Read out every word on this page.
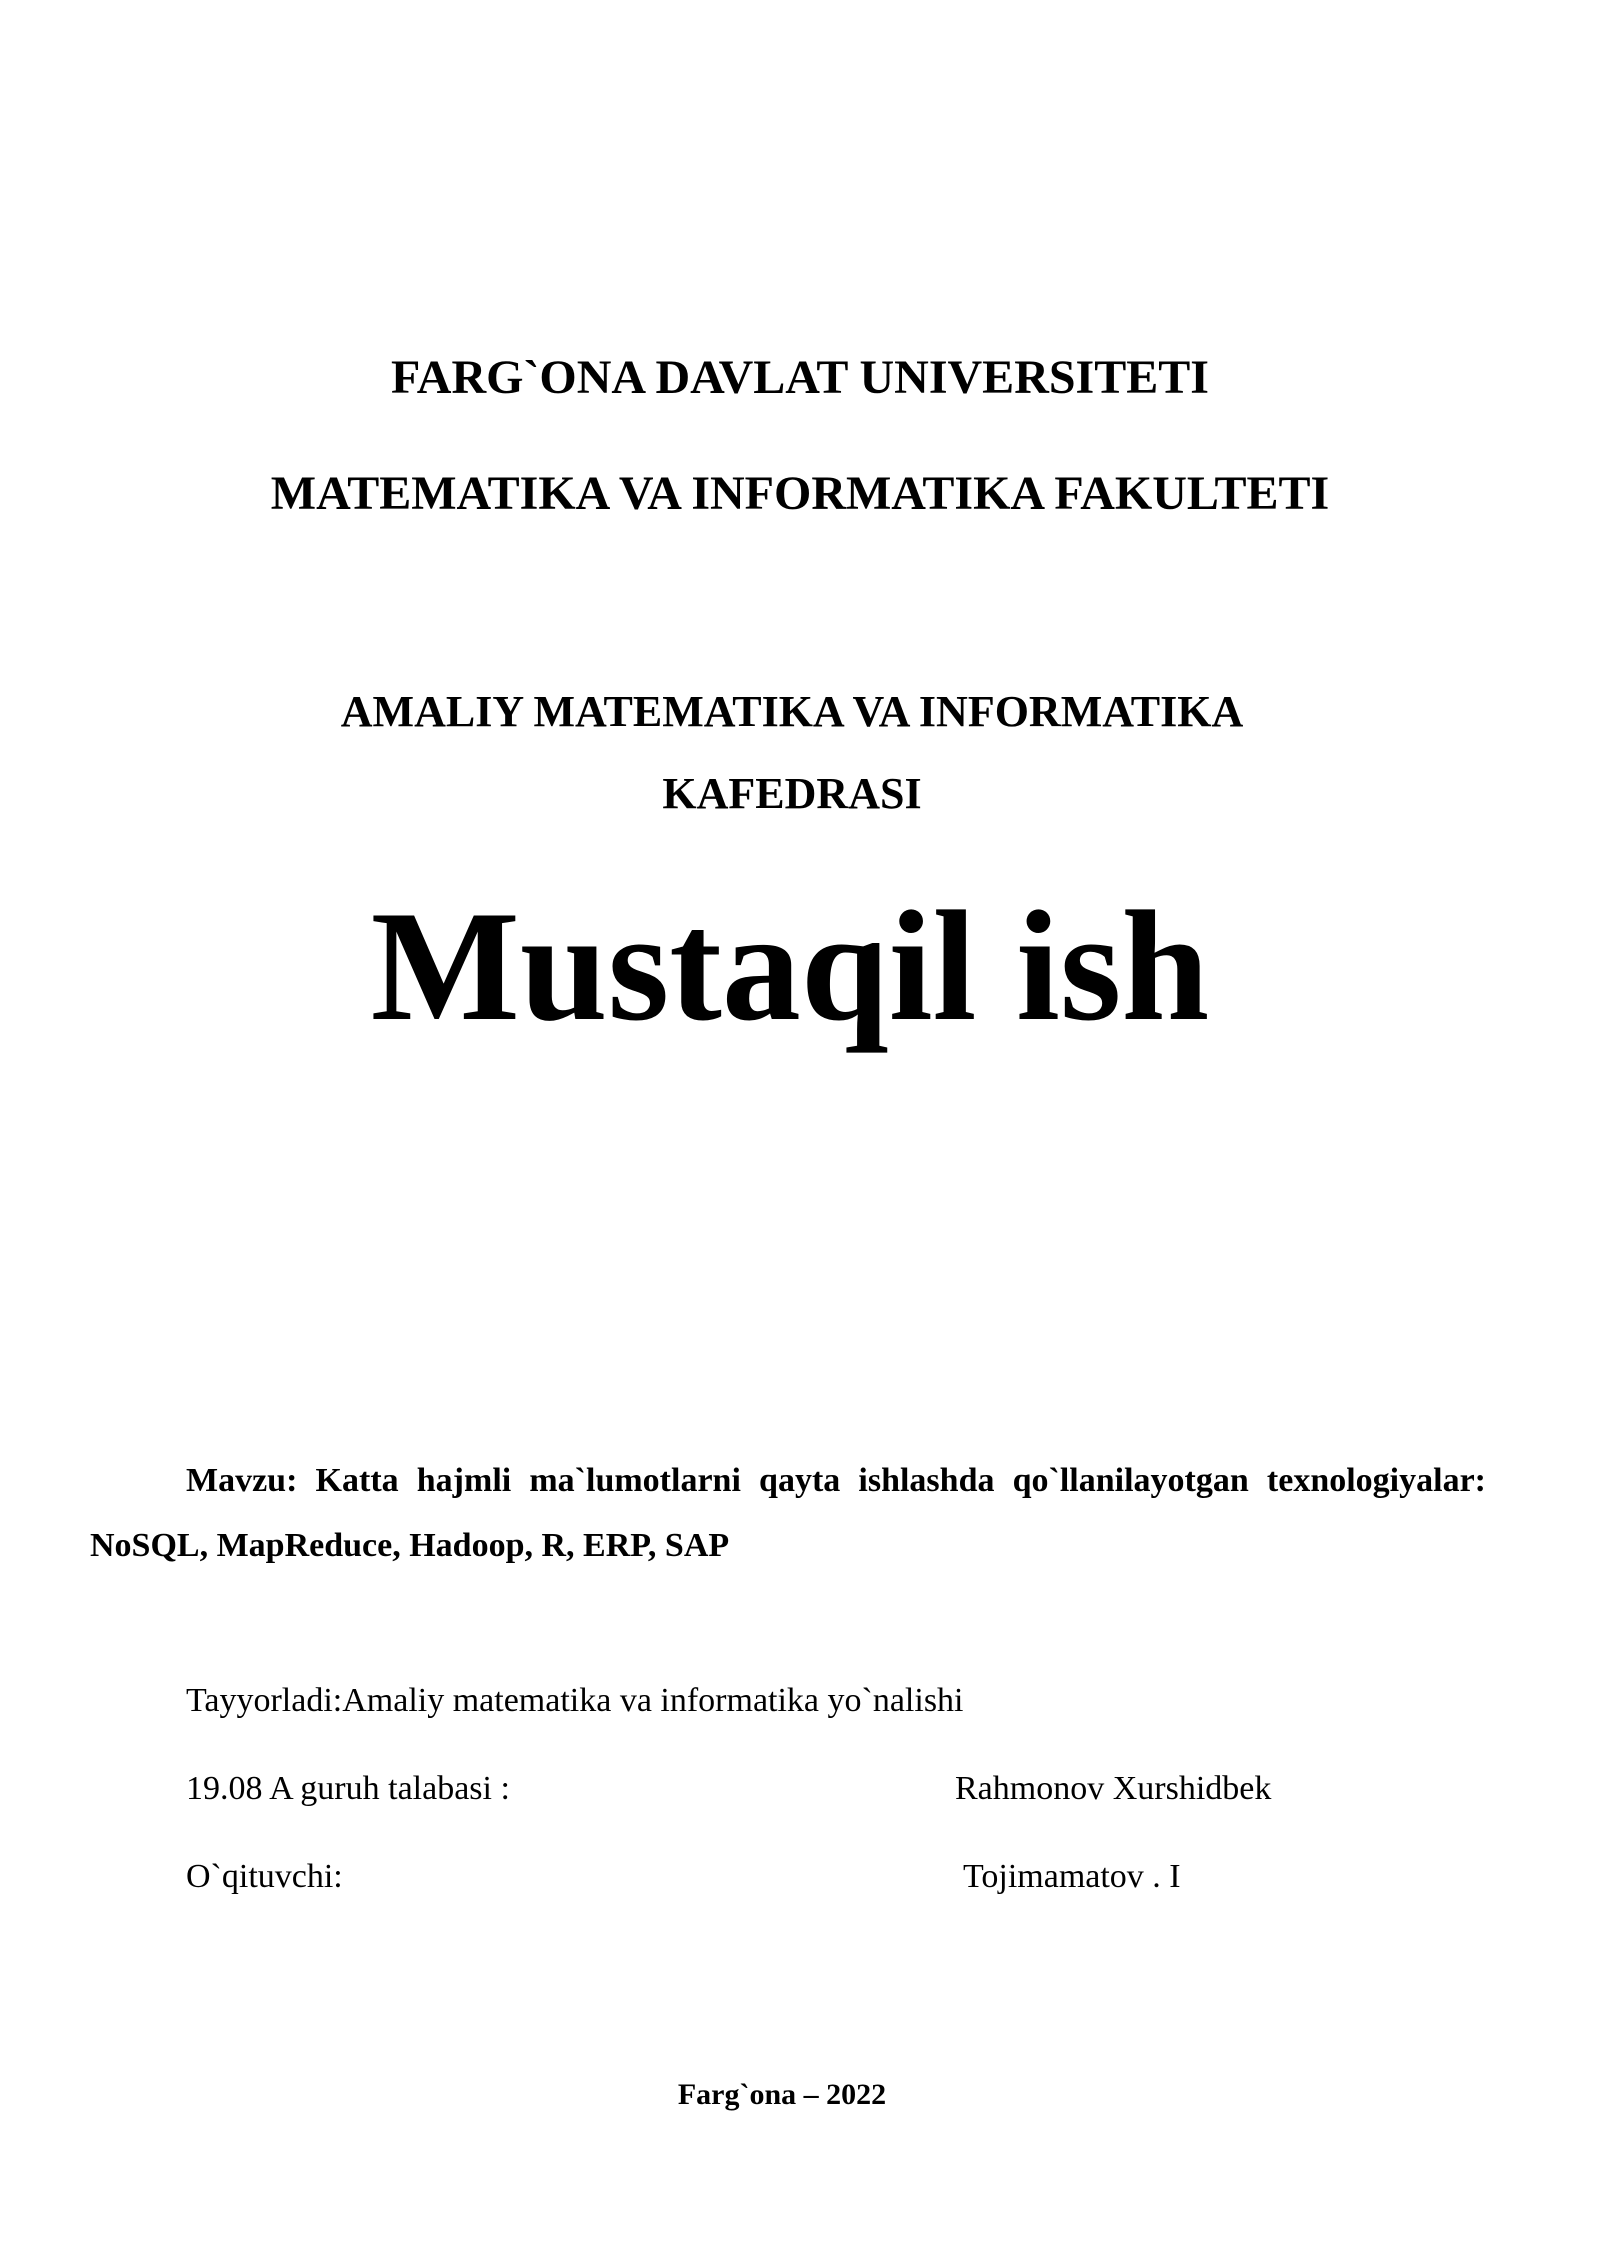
FARG`ONA DAVLAT UNIVERSITETI
MATEMATIKA VA INFORMATIKA FAKULTETI
AMALIY MATEMATIKA VA INFORMATIKA
KAFEDRASI
Mustaqil ish
Mavzu: Katta hajmli ma`lumotlarni qayta ishlashda qo`llanilayotgan texnologiyalar: NoSQL, MapReduce, Hadoop, R, ERP, SAP
Tayyorladi:Amaliy matematika va informatika yo`nalishi
19.08 A guruh talabasi :	Rahmonov Xurshidbek
O`qituvchi:	Tojimamatov . I
Farg`ona – 2022
